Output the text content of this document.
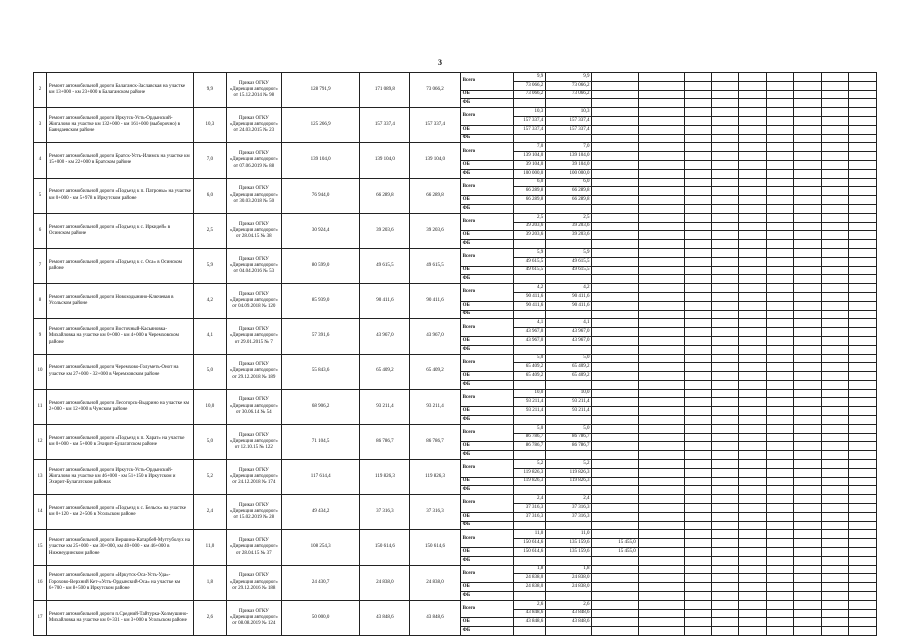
3
2	Ремонт автомобильной дороги Балаганск-Заславская на участке км 13+000 - км 23+000 в Балаганском районе	9,9	Приказ ОГКУ «Дирекция автодорог» от 15.12.2014 № 98	128 791,9	171 089,8	73 066,2	Всего	9,9	9,9									
								73 066,2	73 066,2									
							ОБ	73 066,2	73 066,2									
							ФБ											
3	Ремонт автомобильной дороги Иркутск-Усть-Ордынский-Жигалово на участке км 132+000 - км 161+000 (выборочно) в Баяндаевском районе	10,3	Приказ ОГКУ «Дирекция автодорог» от 24.03.2015 № 23	125 266,9	157 337,4	157 337,4	Всего	10,3	10,3									
								157 337,4	157 337,4									
							ОБ	157 337,4	157 337,4									
							ФБ											
4	Ремонт автомобильной дороги Братск-Усть-Илимск на участке км 15+000 - км 22+000 в Братском районе	7,0	Приказ ОГКУ «Дирекция автодорог» от 07.06.2019 № 88	139 104,0	139 104,0	139 104,0	Всего	7,0	7,0									
								139 104,0	139 104,0									
							ОБ	39 104,0	39 104,0									
							ФБ	100 000,0	100 000,0									
5	Ремонт автомобильной дороги «Подъезд к п. Патроны» на участке км 0+000 - км 5+978 в Иркутском районе	6,0	Приказ ОГКУ «Дирекция автодорог» от 30.03.2018 № 50	76 944,0	66 289,8	66 289,8	Всего	6,0	6,0									
								66 289,8	66 289,8									
							ОБ	66 289,8	66 289,8									
							ФБ											
6	Ремонт автомобильной дороги «Подъезд к с. Иркидей» в Осинском районе	2,5	Приказ ОГКУ «Дирекция автодорог» от 28.04.15 № 38	30 924,4	39 203,6	39 203,6	Всего	2,5	2,5									
								39 203,6	39 203,6									
							ОБ	39 203,6	39 203,6									
							ФБ											
7	Ремонт автомобильной дороги «Подъезд к с. Оса» в Осинском районе	5,9	Приказ ОГКУ «Дирекция автодорог» от 04.04.2016 № 53	80 599,0	49 615,5	49 615,5	Всего	5,9	5,9									
								49 615,5	49 615,5									
							ОБ	49 615,5	49 615,5									
							ФБ											
8	Ремонт автомобильной дороги Новоходынино-Ключевая в Усольском районе	4,2	Приказ ОГКУ «Дирекция автодорог» от 04.09.2018 № 120	85 939,0	90 411,6	90 411,6	Всего	4,2	4,2									
								90 411,6	90 411,6									
							ОБ	90 411,6	90 411,6									
							ФБ											
9	Ремонт автомобильной дороги Восточный-Касьяновка-Михайловка на участке км 0+000 - км 4+000 в Черемховском районе	4,1	Приказ ОГКУ «Дирекция автодорог» от 29.01.2015 № 7	57 391,6	43 967,0	43 967,0	Всего	4,1	4,1									
								43 967,0	43 967,0									
							ОБ	43 967,0	43 967,0									
							ФБ											
10	Ремонт автомобильной дороги Черемхово-Голуметь-Онот на участке км 27+000 - 32+000 в Черемховском районе	5,0	Приказ ОГКУ «Дирекция автодорог» от 29.12.2018 № 189	55 843,6	65 409,2	65 409,2	Всего	5,0	5,0									
								65 409,2	65 409,2									
							ОБ	65 409,2	65 409,2									
							ФБ											
11	Ремонт автомобильной дороги Лесогорск-Выдрино на участке км 2+000 - км 12+000 в Чунском районе	10,0	Приказ ОГКУ «Дирекция автодорог» от 30.06.14 № 54	68 906,2	93 211,4	93 211,4	Всего	10,0	10,0									
								93 211,4	93 211,4									
							ОБ	93 211,4	93 211,4									
							ФБ											
12	Ремонт автомобильной дороги «Подъезд к п. Харат» на участке км 0+000 - км 5+000 в Эхирит-Булагатском районе	5,0	Приказ ОГКУ «Дирекция автодорог» от 12.10.15 № 122	71 104,5	86 786,7	86 786,7	Всего	5,0	5,0									
								86 786,7	86 786,7									
							ОБ	86 786,7	86 786,7									
							ФБ											
13	Ремонт автомобильной дороги Иркутск-Усть-Ордынский-Жигалово на участке км 46+000 - км 51+150 в Иркутском и Эхирит-Булагатском районах	5,2	Приказ ОГКУ «Дирекция автодорог» от 24.12.2018 № 174	117 614,4	119 826,3	119 826,3	Всего	5,2	5,2									
								119 826,3	119 826,3									
							ОБ	119 826,3	119 826,3									
							ФБ											
14	Ремонт автомобильной дороги «Подъезд к с. Бельск» на участке км 0+120 - км 2+506 в Усольском районе	2,4	Приказ ОГКУ «Дирекция автодорог» от 15.02.2019 № 28	49 434,2	37 316,3	37 316,3	Всего	2,4	2,4									
								37 316,3	37 316,3									
							ОБ	37 316,3	37 316,3									
							ФБ											
15	Ремонт автомобильной дороги Вершина-Катарбей-Мугтуболух на участке км 25+000 - км 30+000, км 40+000 - км 46+000 в Нижнеудинском районе	11,0	Приказ ОГКУ «Дирекция автодорог» от 28.04.15 № 37	108 254,3	150 614,6	150 614,6	Всего	11,0	11,0									
								150 614,6	135 159,6	15 455,0								
							ОБ	150 614,6	135 159,6	15 455,0								
							ФБ											
16	Ремонт автомобильной дороги «Иркутск-Оса-Усть-Уда»-Горохово-Верхний Кет-«Усть-Ордынский-Оса» на участке км 6+700 - км 8+500 в Иркутском районе	1,8	Приказ ОГКУ «Дирекция автодорог» от 29.12.2016 № 188	24 430,7	24 838,0	24 838,0	Всего	1,8	1,8									
								24 838,0	24 838,0									
							ОБ	24 838,0	24 838,0									
							ФБ											
17	Ремонт автомобильной дороги п.Средний-Тайтурка-Холмушино-Михайловка на участке км 0+331 - км 3+000 в Усольском районе	2,6	Приказ ОГКУ «Дирекция автодорог» от 08.08.2019 № 124	50 000,0	43 848,6	43 848,6	Всего	2,6	2,6									
								43 848,6	43 848,6									
							ОБ	43 848,6	43 848,6									
							ФБ											
